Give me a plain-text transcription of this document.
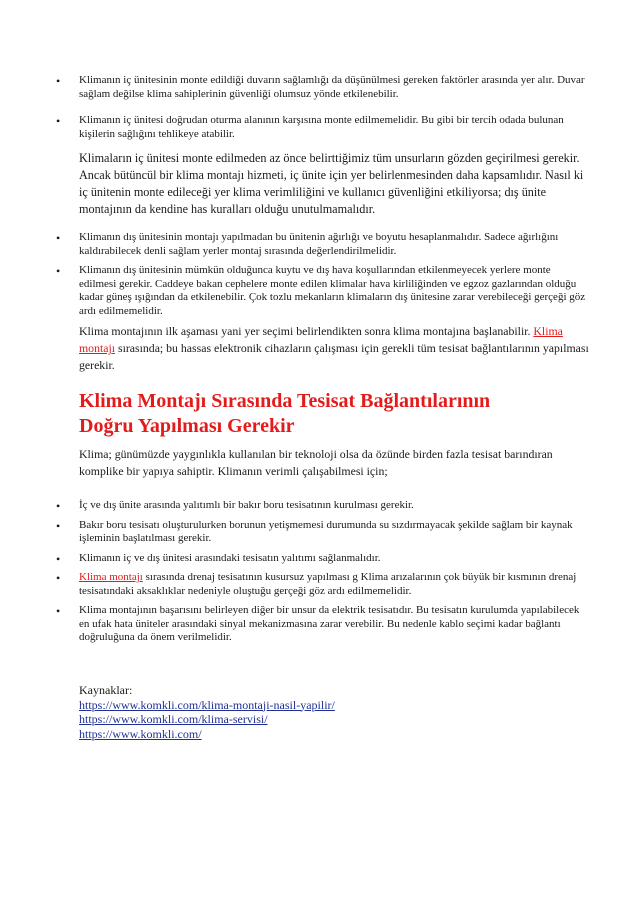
• Klimanın iç ünitesinin monte edildiği duvarın sağlamlığı da düşünülmesi gereken faktörler arasında yer alır. Duvar sağlam değilse klima sahiplerinin güvenliği olumsuz yönde etkilenebilir.
• Klimanın iç ünitesi doğrudan oturma alanının karşısına monte edilmemelidir. Bu gibi bir tercih odada bulunan kişilerin sağlığını tehlikeye atabilir.

Klimaların iç ünitesi monte edilmeden az önce belirttiğimiz tüm unsurların gözden geçirilmesi gerekir. Ancak bütüncül bir klima montajı hizmeti, iç ünite için yer belirlenmesinden daha kapsamlıdır. Nasıl ki iç ünitenin monte edileceği yer klima verimliliğini ve kullanıcı güvenliğini etkiliyorsa; dış ünite montajının da kendine has kuralları olduğu unutulmamalıdır.

• Klimanın dış ünitesinin montajı yapılmadan bu ünitenin ağırlığı ve boyutu hesaplanmalıdır. Sadece ağırlığını kaldırabilecek denli sağlam yerler montaj sırasında değerlendirilmelidir.
• Klimanın dış ünitesinin mümkün olduğunca kuytu ve dış hava koşullarından etkilenmeyecek yerlere monte edilmesi gerekir. Caddeye bakan cephelere monte edilen klimalar hava kirliliğinden ve egzoz gazlarından olduğu kadar güneş ışığından da etkilenebilir. Çok tozlu mekanların klimaların dış ünitesine zarar verebileceği gerçeği göz ardı edilmemelidir.

Klima montajının ilk aşaması yani yer seçimi belirlendikten sonra klima montajına başlanabilir. Klima montajı sırasında; bu hassas elektronik cihazların çalışması için gerekli tüm tesisat bağlantılarının yapılması gerekir.

Klima Montajı Sırasında Tesisat Bağlantılarının Doğru Yapılması Gerekir

Klima; günümüzde yaygınlıkla kullanılan bir teknoloji olsa da özünde birden fazla tesisat barındıran komplike bir yapıya sahiptir. Klimanın verimli çalışabilmesi için;

• İç ve dış ünite arasında yalıtımlı bir bakır boru tesisatının kurulması gerekir.
• Bakır boru tesisatı oluşturulurken borunun yetişmemesi durumunda su sızdırmayacak şekilde sağlam bir kaynak işleminin başlatılması gerekir.
• Klimanın iç ve dış ünitesi arasındaki tesisatın yalıtımı sağlanmalıdır.
• Klima montajı sırasında drenaj tesisatının kusursuz yapılması g Klima arızalarının çok büyük bir kısmının drenaj tesisatındaki aksaklıklar nedeniyle oluştuğu gerçeği göz ardı edilmemelidir.
• Klima montajının başarısını belirleyen diğer bir unsur da elektrik tesisatıdır. Bu tesisatın kurulumda yapılabilecek en ufak hata üniteler arasındaki sinyal mekanizmasına zarar verebilir. Bu nedenle kablo seçimi kadar bağlantı doğruluğuna da önem verilmelidir.
Kaynaklar:
https://www.komkli.com/klima-montaji-nasil-yapilir/
https://www.komkli.com/klima-servisi/
https://www.komkli.com/
